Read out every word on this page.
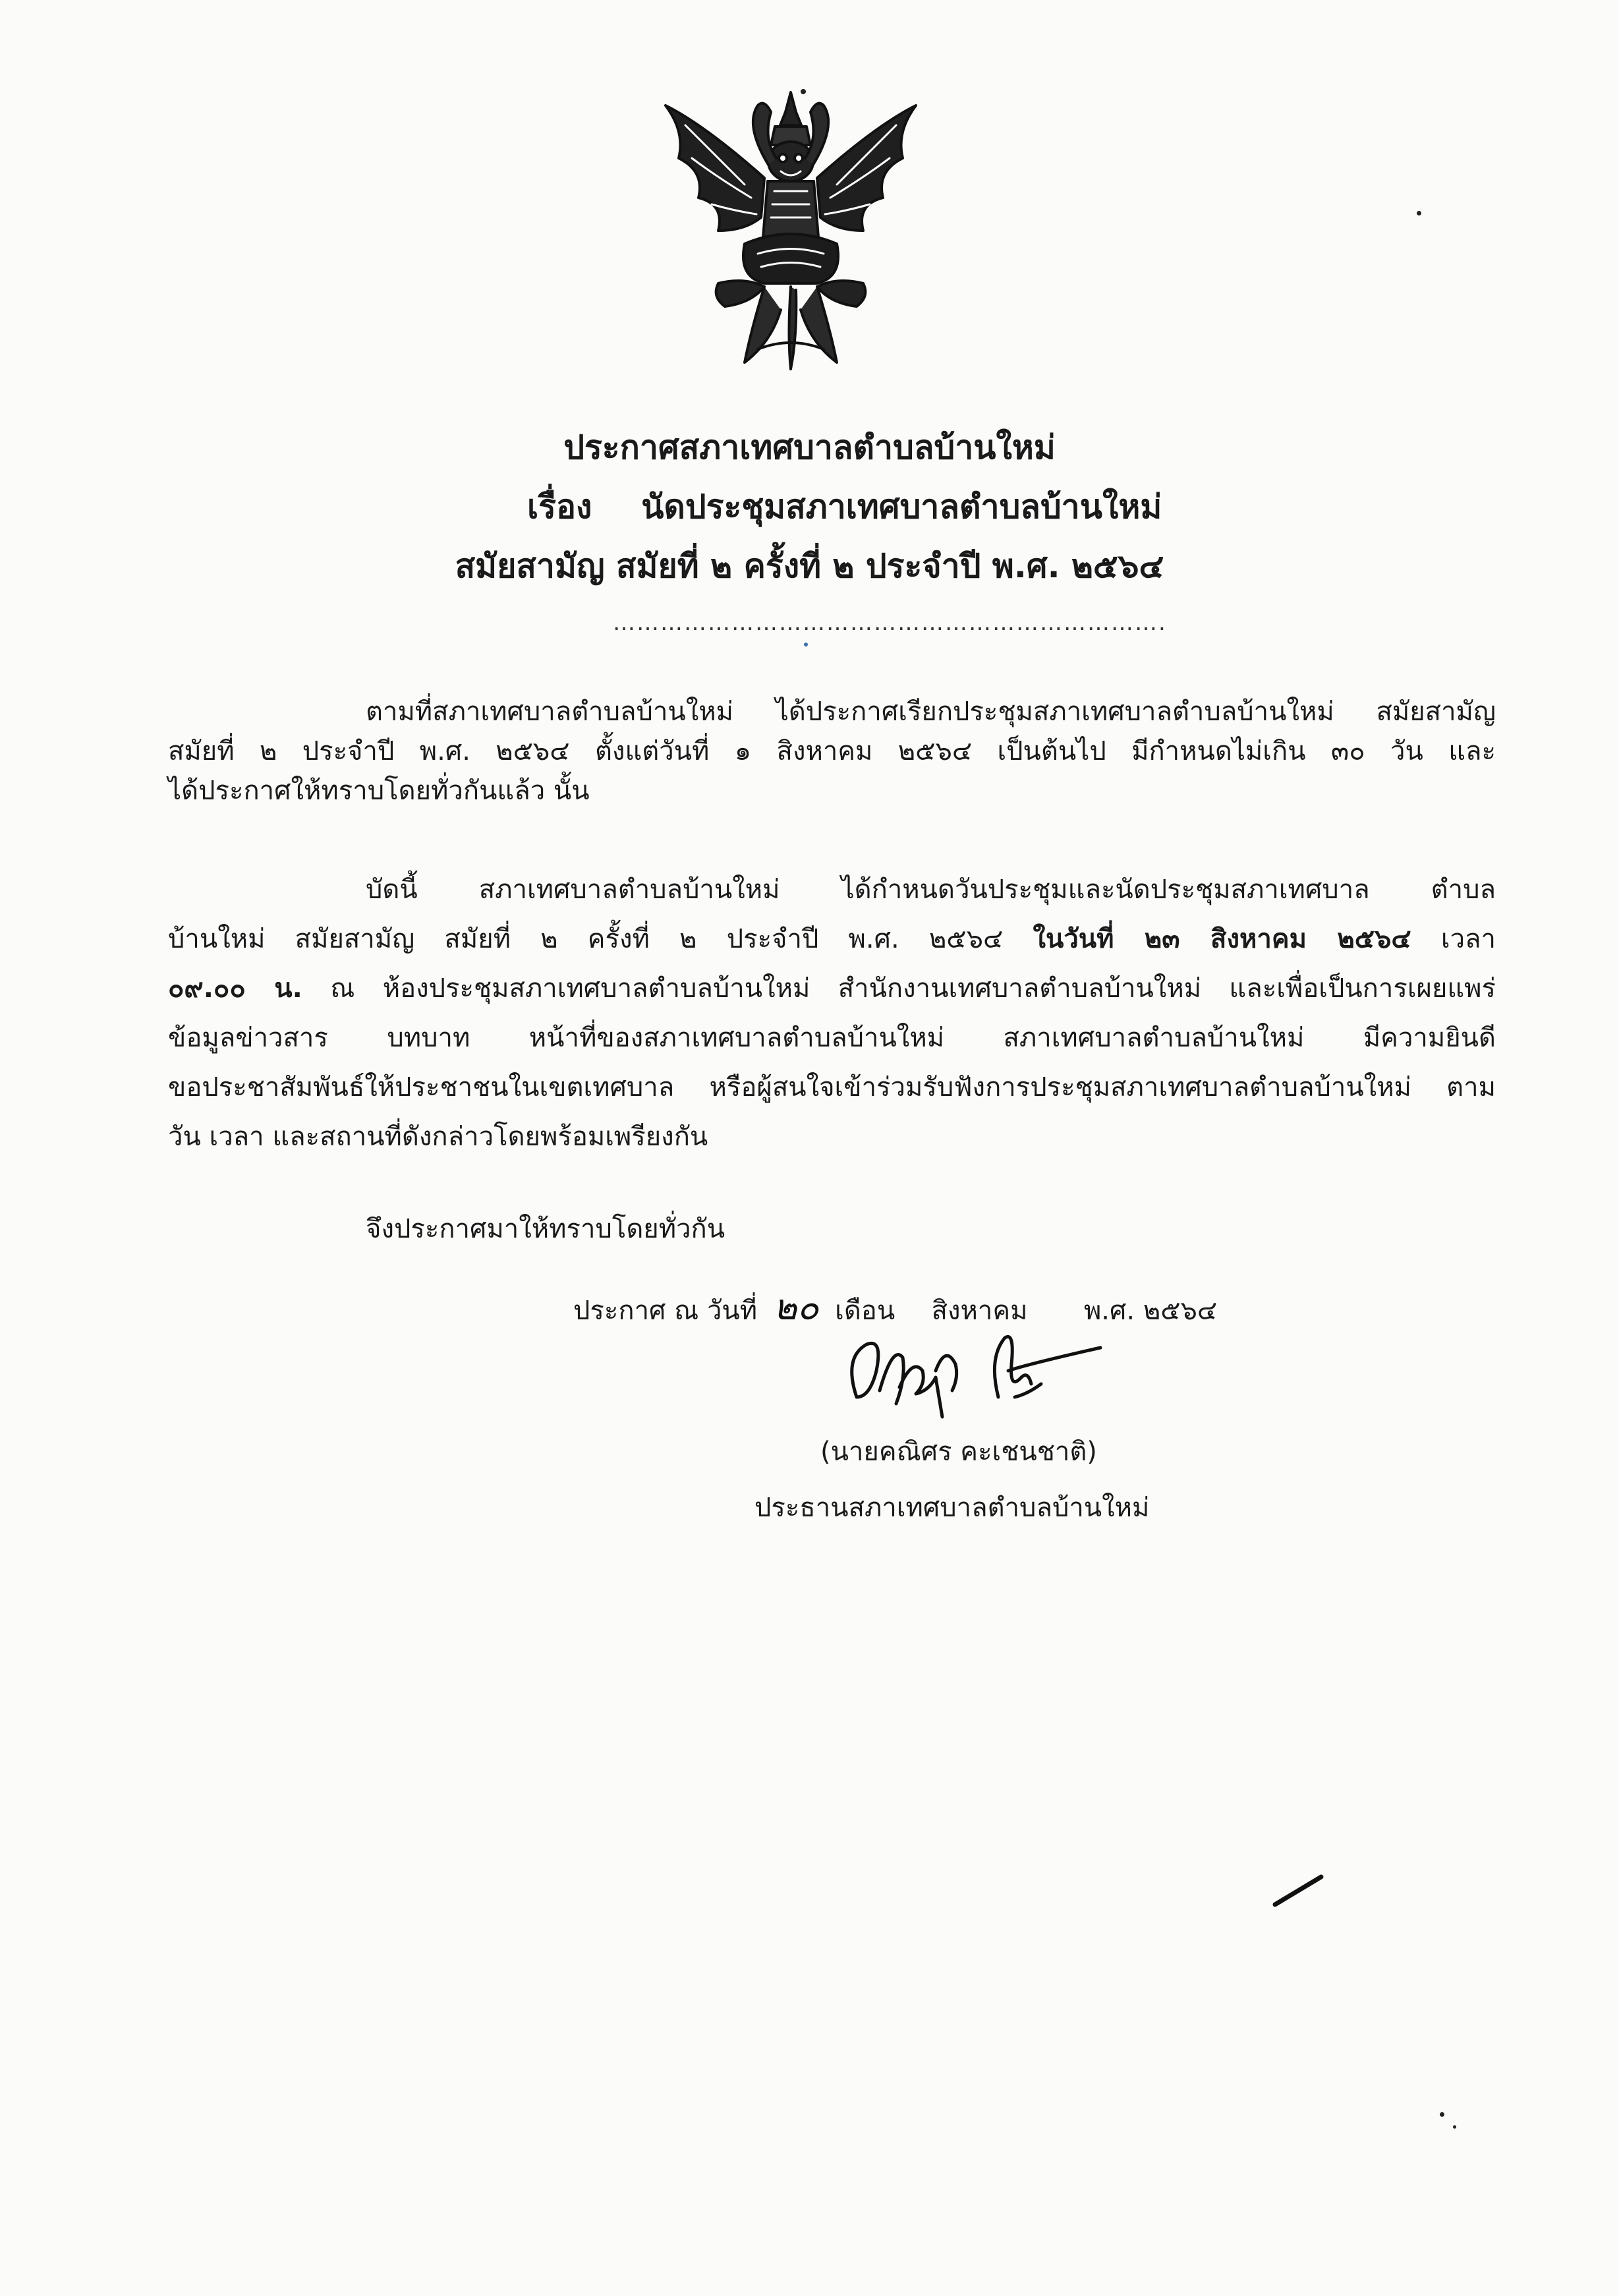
ประกาศสภาเทศบาลตำบลบ้านใหม่
เรื่อง นัดประชุมสภาเทศบาลตำบลบ้านใหม่
สมัยสามัญ สมัยที่ ๒ ครั้งที่ ๒ ประจำปี พ.ศ. ๒๕๖๔
…………………………………………………………….
ตามที่สภาเทศบาลตำบลบ้านใหม่ ได้ประกาศเรียกประชุมสภาเทศบาลตำบลบ้านใหม่ สมัยสามัญ
สมัยที่ ๒ ประจำปี พ.ศ. ๒๕๖๔ ตั้งแต่วันที่ ๑ สิงหาคม ๒๕๖๔ เป็นต้นไป มีกำหนดไม่เกิน ๓๐ วัน และ
ได้ประกาศให้ทราบโดยทั่วกันแล้ว นั้น
บัดนี้ สภาเทศบาลตำบลบ้านใหม่ ได้กำหนดวันประชุมและนัดประชุมสภาเทศบาล ตำบล
บ้านใหม่ สมัยสามัญ สมัยที่ ๒ ครั้งที่ ๒ ประจำปี พ.ศ. ๒๕๖๔ ในวันที่ ๒๓ สิงหาคม ๒๕๖๔ เวลา
๐๙.๐๐ น. ณ ห้องประชุมสภาเทศบาลตำบลบ้านใหม่ สำนักงานเทศบาลตำบลบ้านใหม่ และเพื่อเป็นการเผยแพร่
ข้อมูลข่าวสาร บทบาท หน้าที่ของสภาเทศบาลตำบลบ้านใหม่ สภาเทศบาลตำบลบ้านใหม่ มีความยินดี
ขอประชาสัมพันธ์ให้ประชาชนในเขตเทศบาล หรือผู้สนใจเข้าร่วมรับฟังการประชุมสภาเทศบาลตำบลบ้านใหม่ ตาม
วัน เวลา และสถานที่ดังกล่าวโดยพร้อมเพรียงกัน
จึงประกาศมาให้ทราบโดยทั่วกัน
ประกาศ ณ วันที่ ๒๐ เดือน สิงหาคม พ.ศ. ๒๕๖๔
(นายคณิศร คะเชนชาติ)
ประธานสภาเทศบาลตำบลบ้านใหม่
